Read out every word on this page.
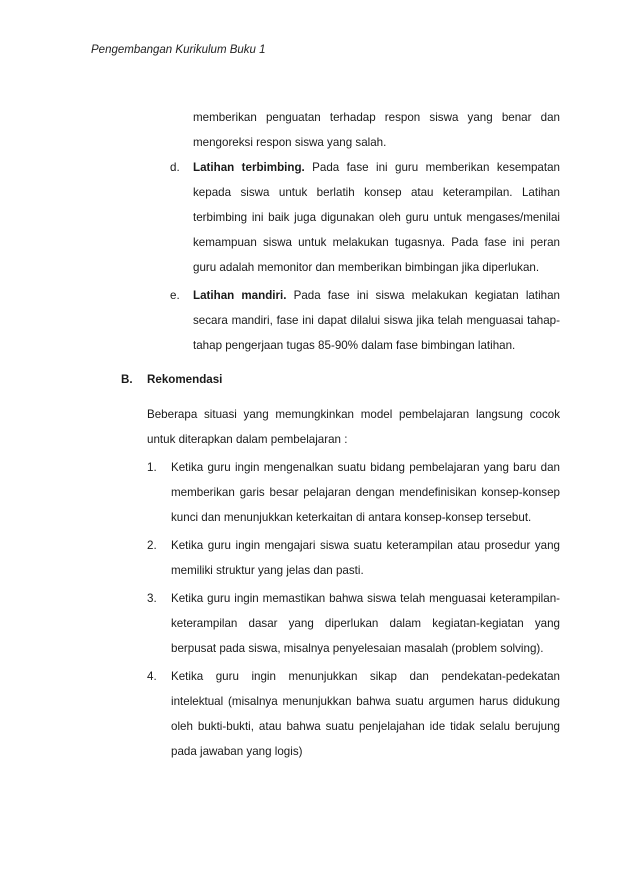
Pengembangan Kurikulum Buku 1
memberikan penguatan terhadap respon siswa yang benar dan
mengoreksi respon siswa yang salah.
d. Latihan terbimbing. Pada fase ini guru memberikan kesempatan
kepada siswa untuk berlatih konsep atau keterampilan. Latihan
terbimbing ini baik juga digunakan oleh guru untuk mengases/menilai
kemampuan siswa untuk melakukan tugasnya. Pada fase ini peran
guru adalah memonitor dan memberikan bimbingan jika diperlukan.
e. Latihan mandiri. Pada fase ini siswa melakukan kegiatan latihan
secara mandiri, fase ini dapat dilalui siswa jika telah menguasai tahap-
tahap pengerjaan tugas 85-90% dalam fase bimbingan latihan.
B. Rekomendasi
Beberapa situasi yang memungkinkan model pembelajaran langsung cocok
untuk diterapkan dalam pembelajaran :
1. Ketika guru ingin mengenalkan suatu bidang pembelajaran yang baru dan
memberikan garis besar pelajaran dengan mendefinisikan konsep-konsep
kunci dan menunjukkan keterkaitan di antara konsep-konsep tersebut.
2. Ketika guru ingin mengajari siswa suatu keterampilan atau prosedur yang
memiliki struktur yang jelas dan pasti.
3. Ketika guru ingin memastikan bahwa siswa telah menguasai keterampilan-
keterampilan dasar yang diperlukan dalam kegiatan-kegiatan yang
berpusat pada siswa, misalnya penyelesaian masalah (problem solving).
4. Ketika guru ingin menunjukkan sikap dan pendekatan-pedekatan
intelektual (misalnya menunjukkan bahwa suatu argumen harus didukung
oleh bukti-bukti, atau bahwa suatu penjelajahan ide tidak selalu berujung
pada jawaban yang logis)
